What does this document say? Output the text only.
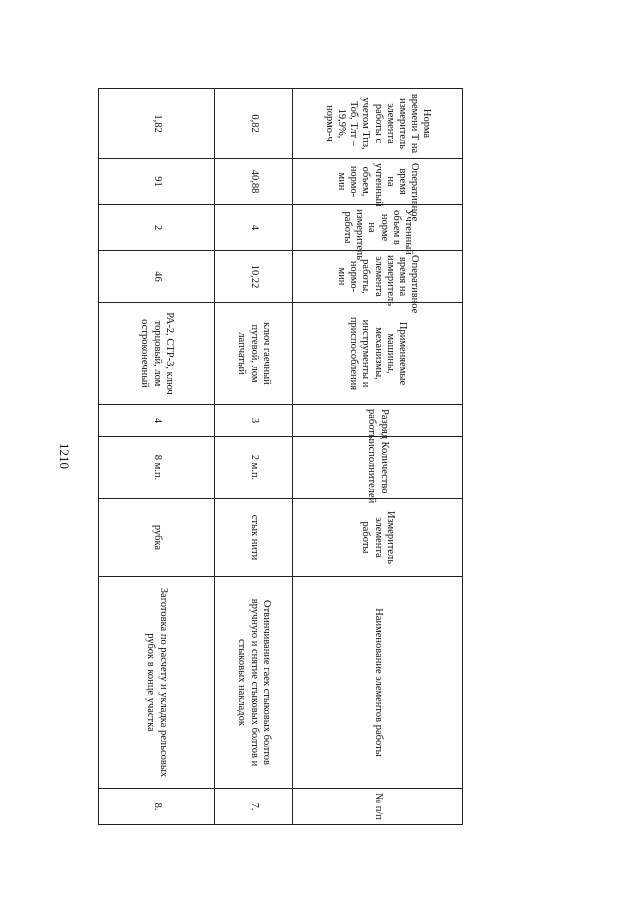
1210
Норма времени Т на измеритель элемента работы с учетом Тпз, Тоб, Тлт – 19,9%, нормо-ч	Оперативное время на учтенный объем, нормо-мин	Учтенный объем в норме на измеритель работы	Оперативное время на измеритель элемента работы, нормо-мин	Применяемые машины, механизмы, инструменты и приспособления	Разряд работы	Количество исполнителей	Измеритель элемента работы	Наименование элементов работы	№ п/п
0,82	40,88	4	10,22	ключ гаечный путевой, лом лапчатый	3	2 м.п.	стык нити	Отвинчивание гаек стыковых болтов вручную и снятие стыковых болтов и стыковых накладок	7.
1,82	91	2	46	РА-2, СТР-3, ключ торцовый, лом остроконечный	4	8 м.п.	рубка	Заготовка по расчету и укладка рельсовых рубок в конце участка	8.
